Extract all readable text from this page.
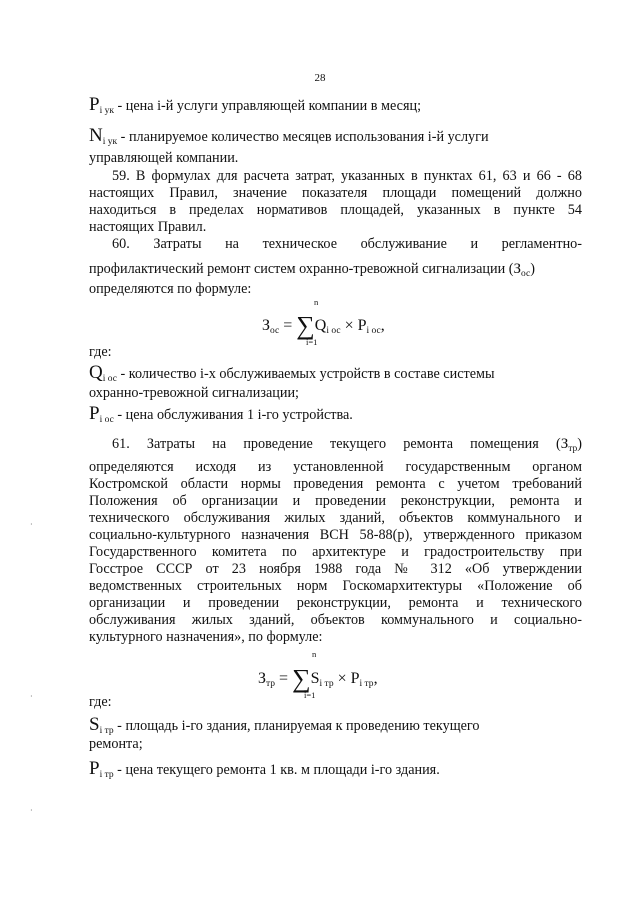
28
$P_{i ук}$ - цена i-й услуги управляющей компании в месяц;
$N_{i ук}$ - планируемое количество месяцев использования i-й услуги
управляющей компании.
59. В формулах для расчета затрат, указанных в пунктах 61, 63 и 66 - 68
настоящих Правил, значение показателя площади помещений должно
находиться в пределах нормативов площадей, указанных в пункте 54
настоящих Правил.
60. Затраты на техническое обслуживание и регламентно-
профилактический ремонт систем охранно-тревожной сигнализации $(З_{ос})$
определяются по формуле:
Зос = ∑Qi ос × Pi ос,
n
i=1
где:
$Q_{i ос}$ - количество i-х обслуживаемых устройств в составе системы
охранно-тревожной сигнализации;
$P_{i ос}$ - цена обслуживания 1 i-го устройства.
61. Затраты на проведение текущего ремонта помещения $(З_{тр})$
определяются исходя из установленной государственным органом
Костромской области нормы проведения ремонта с учетом требований
Положения об организации и проведении реконструкции, ремонта и
технического обслуживания жилых зданий, объектов коммунального и
социально-культурного назначения ВСН 58-88(р), утвержденного приказом
Государственного комитета по архитектуре и градостроительству при
Госстрое СССР от 23 ноября 1988 года № 312 «Об утверждении
ведомственных строительных норм Госкомархитектуры «Положение об
организации и проведении реконструкции, ремонта и технического
обслуживания жилых зданий, объектов коммунального и социально-
культурного назначения», по формуле:
Зтр = ∑Si тр × Pi тр,
n
i=1
где:
$S_{i тр}$ - площадь i-го здания, планируемая к проведению текущего
ремонта;
$P_{i тр}$ - цена текущего ремонта 1 кв. м площади i-го здания.
·
·
·
